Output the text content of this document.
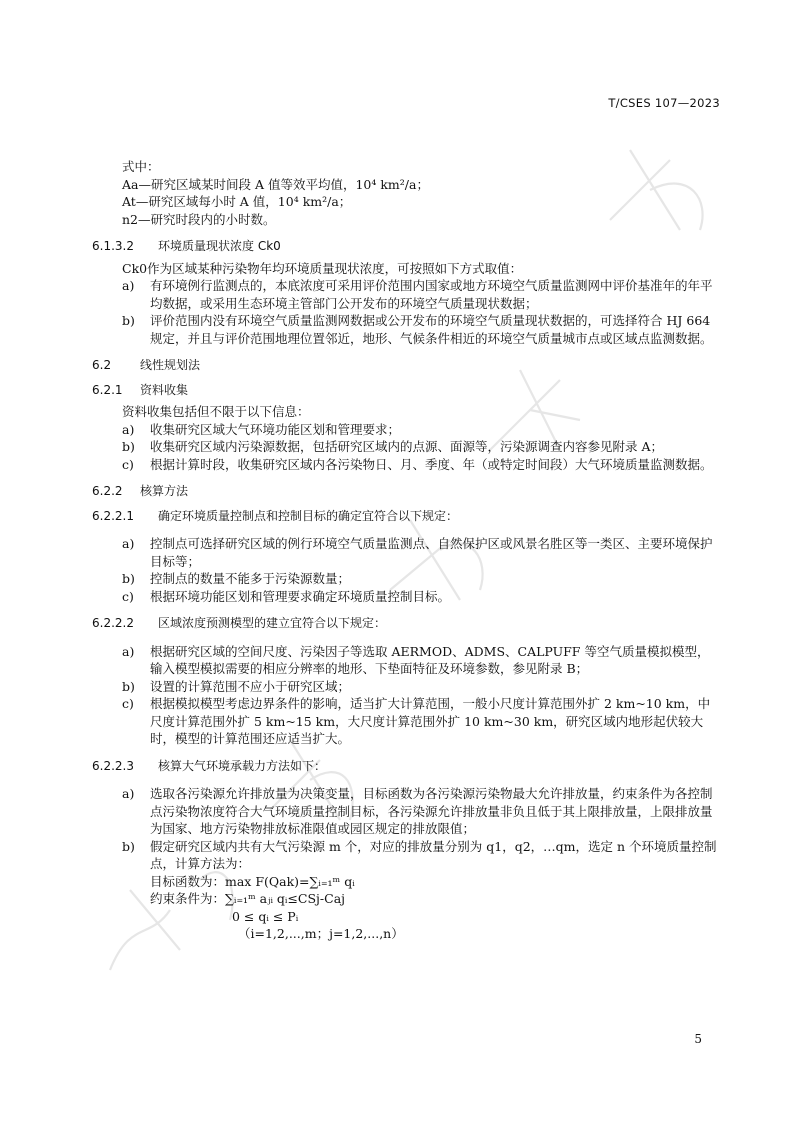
T/CSES 107—2023

式中：

Aa—研究区域某时间段 A 值等效平均值，10⁴ km²/a；

At—研究区域每小时 A 值，10⁴ km²/a；

n2—研究时段内的小时数。

6.1.3.2 环境质量现状浓度 Ck0

Ck0作为区域某种污染物年均环境质量现状浓度，可按照如下方式取值：

a)	有环境例行监测点的，本底浓度可采用评价范围内国家或地方环境空气质量监测网中评价基准年的年平均数据，或采用生态环境主管部门公开发布的环境空气质量现状数据；
b)	评价范围内没有环境空气质量监测网数据或公开发布的环境空气质量现状数据的，可选择符合 HJ 664 规定，并且与评价范围地理位置邻近，地形、气候条件相近的环境空气质量城市点或区域点监测数据。

6.2 线性规划法

6.2.1 资料收集

资料收集包括但不限于以下信息：

a)	收集研究区域大气环境功能区划和管理要求；
b)	收集研究区域内污染源数据，包括研究区域内的点源、面源等，污染源调查内容参见附录 A；
c)	根据计算时段，收集研究区域内各污染物日、月、季度、年（或特定时间段）大气环境质量监测数据。

6.2.2 核算方法

6.2.2.1 确定环境质量控制点和控制目标的确定宜符合以下规定：

a)	控制点可选择研究区域的例行环境空气质量监测点、自然保护区或风景名胜区等一类区、主要环境保护目标等；
b)	控制点的数量不能多于污染源数量；
c)	根据环境功能区划和管理要求确定环境质量控制目标。

6.2.2.2 区域浓度预测模型的建立宜符合以下规定：

a)	根据研究区域的空间尺度、污染因子等选取 AERMOD、ADMS、CALPUFF 等空气质量模拟模型，输入模型模拟需要的相应分辨率的地形、下垫面特征及环境参数，参见附录 B；
b)	设置的计算范围不应小于研究区域；
c)	根据模拟模型考虑边界条件的影响，适当扩大计算范围，一般小尺度计算范围外扩 2 km~10 km，中尺度计算范围外扩 5 km~15 km，大尺度计算范围外扩 10 km~30 km，研究区域内地形起伏较大时，模型的计算范围还应适当扩大。

6.2.2.3 核算大气环境承载力方法如下：

a)	选取各污染源允许排放量为决策变量，目标函数为各污染源污染物最大允许排放量，约束条件为各控制点污染物浓度符合大气环境质量控制目标，各污染源允许排放量非负且低于其上限排放量，上限排放量为国家、地方污染物排放标准限值或园区规定的排放限值；
b)	假定研究区域内共有大气污染源 m 个，对应的排放量分别为 q1，q2，…qm，选定 n 个环境质量控制点，计算方法为：

目标函数为：max F(Qak)=∑ᵢ₌₁ᵐ qᵢ

约束条件为：∑ᵢ₌₁ᵐ aⱼᵢ qᵢ≤CSj-Caj

0 ≤ qᵢ ≤ Pᵢ

（i=1,2,...,m；j=1,2,...,n）

5
